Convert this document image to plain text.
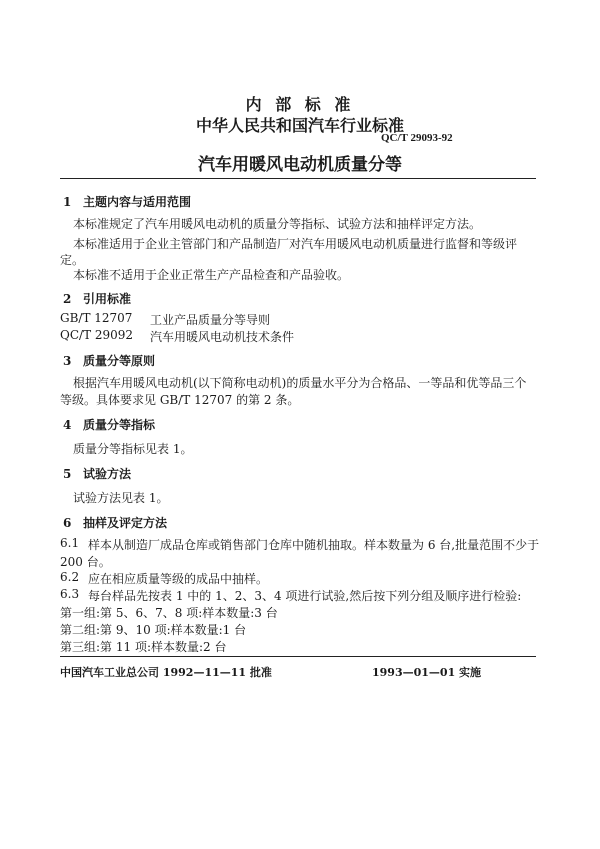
内 部 标 准
中华人民共和国汽车行业标准
QC/T 29093-92
汽车用暖风电动机质量分等
1 主题内容与适用范围
本标准规定了汽车用暖风电动机的质量分等指标、试验方法和抽样评定方法。
本标准适用于企业主管部门和产品制造厂对汽车用暖风电动机质量进行监督和等级评
定。
本标准不适用于企业正常生产产品检查和产品验收。
2 引用标准
GB/T 12707 工业产品质量分等导则
QC/T 29092 汽车用暖风电动机技术条件
3 质量分等原则
根据汽车用暖风电动机(以下简称电动机)的质量水平分为合格品、一等品和优等品三个
等级。具体要求见 GB/T 12707 的第 2 条。
4 质量分等指标
质量分等指标见表 1。
5 试验方法
试验方法见表 1。
6 抽样及评定方法
6.1 样本从制造厂成品仓库或销售部门仓库中随机抽取。样本数量为 6 台,批量范围不少于
200 台。
6.2 应在相应质量等级的成品中抽样。
6.3 每台样品先按表 1 中的 1、2、3、4 项进行试验,然后按下列分组及顺序进行检验:
第一组:第 5、6、7、8 项:样本数量:3 台
第二组:第 9、10 项:样本数量:1 台
第三组:第 11 项:样本数量:2 台
中国汽车工业总公司 1992—11—11 批准	1993—01—01 实施
